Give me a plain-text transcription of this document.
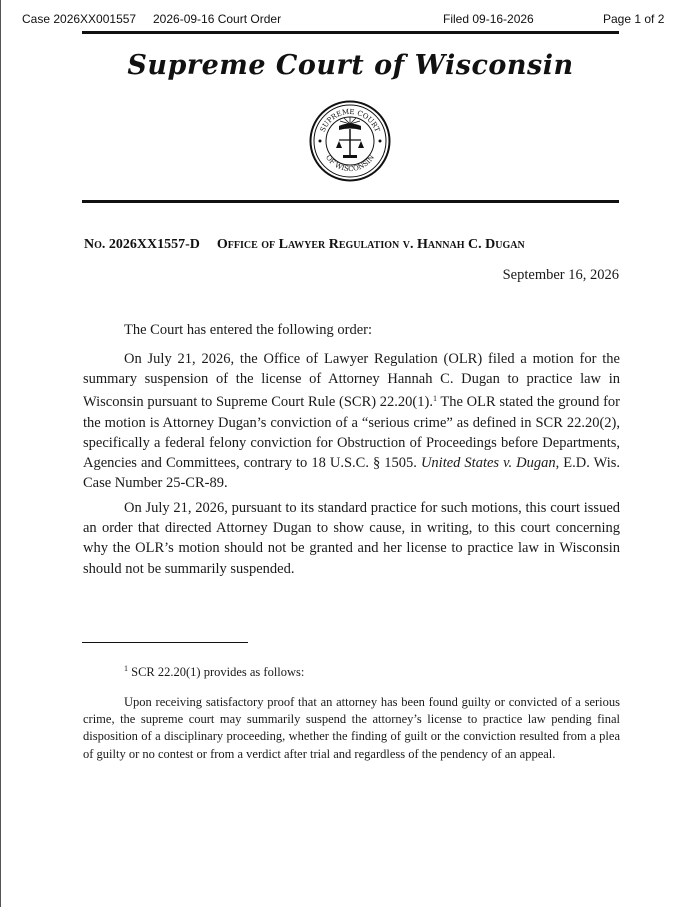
Case 2026XX001557 2026-09-16 Court Order	Filed 09-16-2026	Page 1 of 2
Supreme Court of Wisconsin
SUPREME COURT
OF WISCONSIN
No. 2026XX1557-D Office of Lawyer Regulation v. Hannah C. Dugan
September 16, 2026

The Court has entered the following order:

On July 21, 2026, the Office of Lawyer Regulation (OLR) filed a motion for the summary suspension of the license of Attorney Hannah C. Dugan to practice law in Wisconsin pursuant to Supreme Court Rule (SCR) 22.20(1).$^1$ The OLR stated the ground for the motion is Attorney Dugan’s conviction of a “serious crime” as defined in SCR 22.20(2), specifically a federal felony conviction for Obstruction of Proceedings before Departments, Agencies and Committees, contrary to 18 U.S.C. § 1505. United States v. Dugan, E.D. Wis. Case Number 25-CR-89.

On July 21, 2026, pursuant to its standard practice for such motions, this court issued an order that directed Attorney Dugan to show cause, in writing, to this court concerning why the OLR’s motion should not be granted and her license to practice law in Wisconsin should not be summarily suspended.

$^1$ SCR 22.20(1) provides as follows:

Upon receiving satisfactory proof that an attorney has been found guilty or convicted of a serious crime, the supreme court may summarily suspend the attorney’s license to practice law pending final disposition of a disciplinary proceeding, whether the finding of guilt or the conviction resulted from a plea of guilty or no contest or from a verdict after trial and regardless of the pendency of an appeal.
